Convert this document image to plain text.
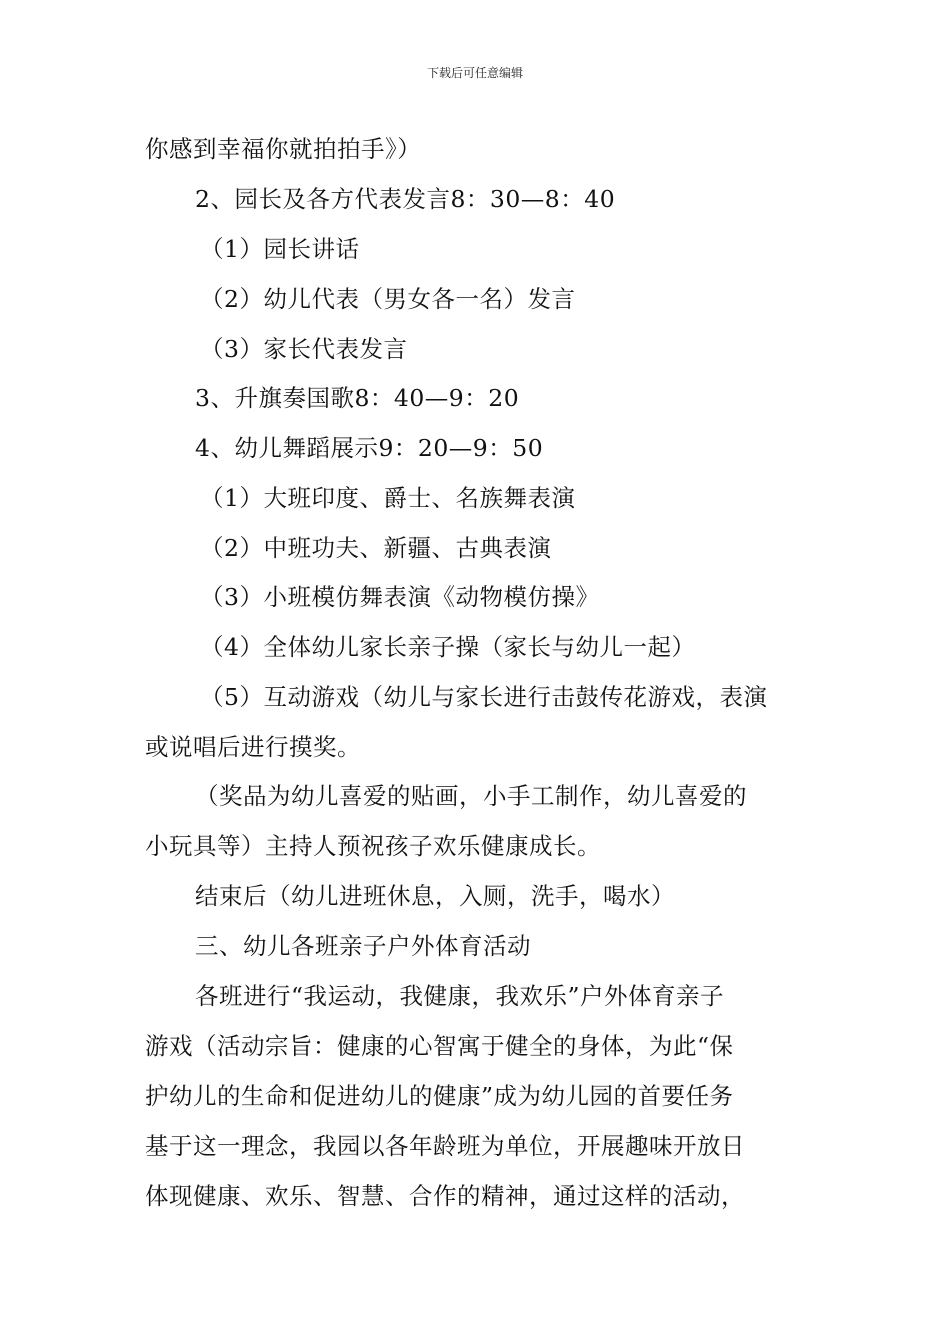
下载后可任意编辑
你感到幸福你就拍拍手》）
2、园长及各方代表发言8：30—8：40
（1）园长讲话
（2）幼儿代表（男女各一名）发言
（3）家长代表发言
3、升旗奏国歌8：40—9：20
4、幼儿舞蹈展示9：20—9：50
（1）大班印度、爵士、名族舞表演
（2）中班功夫、新疆、古典表演
（3）小班模仿舞表演《动物模仿操》
（4）全体幼儿家长亲子操（家长与幼儿一起）
（5）互动游戏（幼儿与家长进行击鼓传花游戏，表演
或说唱后进行摸奖。
（奖品为幼儿喜爱的贴画，小手工制作，幼儿喜爱的
小玩具等）主持人预祝孩子欢乐健康成长。
结束后（幼儿进班休息，入厕，洗手，喝水）
三、幼儿各班亲子户外体育活动
各班进行“我运动，我健康，我欢乐”户外体育亲子
游戏（活动宗旨：健康的心智寓于健全的身体，为此“保
护幼儿的生命和促进幼儿的健康”成为幼儿园的首要任务
基于这一理念，我园以各年龄班为单位，开展趣味开放日
体现健康、欢乐、智慧、合作的精神，通过这样的活动，
